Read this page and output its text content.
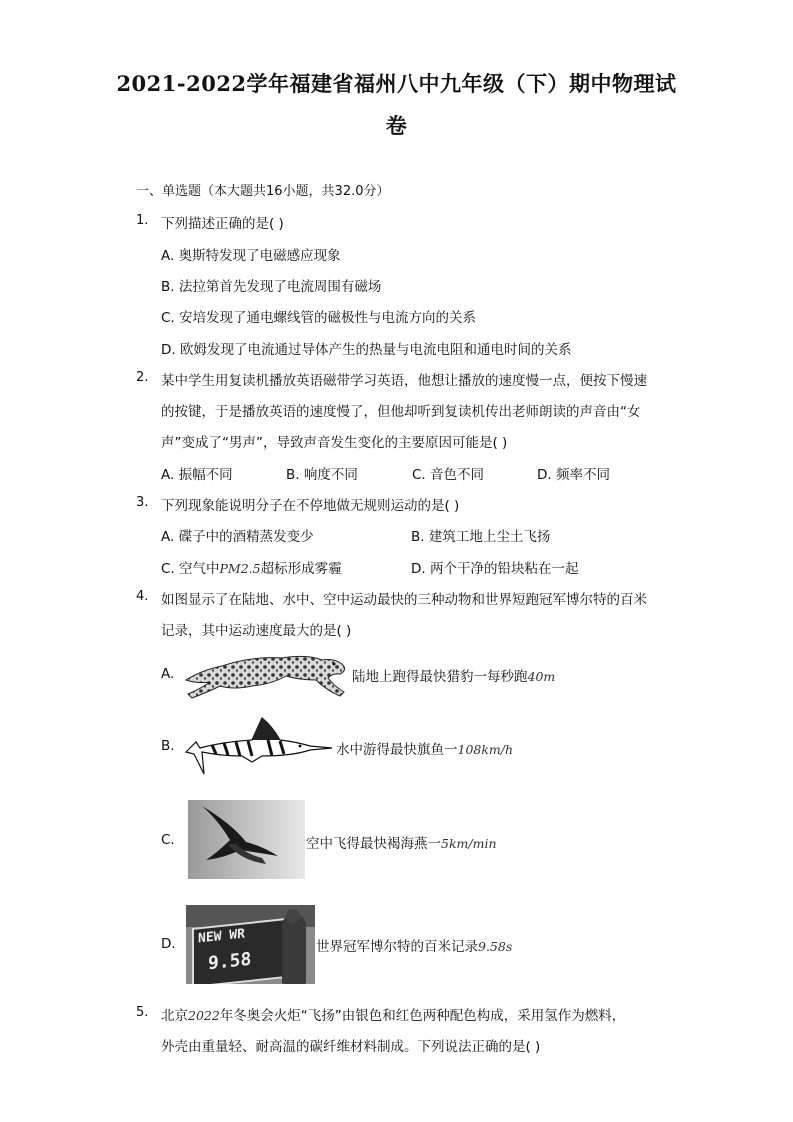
2021-2022学年福建省福州八中九年级（下）期中物理试
卷
一、单选题（本大题共16小题，共32.0分）
1. 下列描述正确的是( )
A. 奥斯特发现了电磁感应现象
B. 法拉第首先发现了电流周围有磁场
C. 安培发现了通电螺线管的磁极性与电流方向的关系
D. 欧姆发现了电流通过导体产生的热量与电流电阻和通电时间的关系
2. 某中学生用复读机播放英语磁带学习英语，他想让播放的速度慢一点，便按下慢速
的按键，于是播放英语的速度慢了，但他却听到复读机传出老师朗读的声音由“女
声”变成了“男声”，导致声音发生变化的主要原因可能是( )
A. 振幅不同	B. 响度不同	C. 音色不同	D. 频率不同
3. 下列现象能说明分子在不停地做无规则运动的是( )
A. 碟子中的酒精蒸发变少	B. 建筑工地上尘土飞扬
C. 空气中PM2.5超标形成雾霾	D. 两个干净的铅块粘在一起
4. 如图显示了在陆地、水中、空中运动最快的三种动物和世界短跑冠军博尔特的百米
记录，其中运动速度最大的是( )
A.	陆地上跑得最快猎豹一每秒跑40m
B.	水中游得最快旗鱼一108km/h
C.	空中飞得最快褐海燕一5km/min
D. NEW WR
9.58
世界冠军博尔特的百米记录9.58s
5. 北京2022年冬奥会火炬“飞扬”由银色和红色两种配色构成，采用氢作为燃料，
外壳由重量轻、耐高温的碳纤维材料制成。下列说法正确的是( )
